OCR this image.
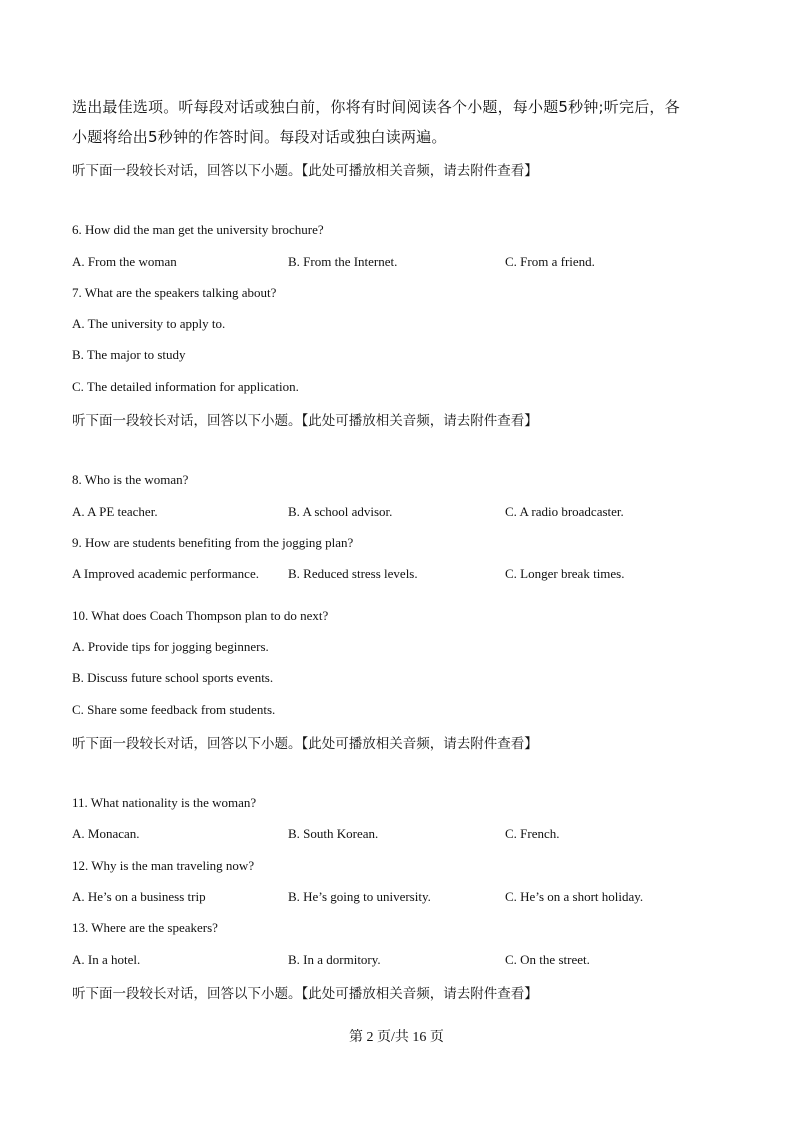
选出最佳选项。听每段对话或独白前，你将有时间阅读各个小题，每小题5秒钟;听完后，各
小题将给出5秒钟的作答时间。每段对话或独白读两遍。
听下面一段较长对话，回答以下小题。【此处可播放相关音频，请去附件查看】
6. How did the man get the university brochure?
A. From the woman	B. From the Internet.	C. From a friend.
7. What are the speakers talking about?
A. The university to apply to.
B. The major to study
C. The detailed information for application.
听下面一段较长对话，回答以下小题。【此处可播放相关音频，请去附件查看】
8. Who is the woman?
A. A PE teacher.	B. A school advisor.	C. A radio broadcaster.
9. How are students benefiting from the jogging plan?
A Improved academic performance. B. Reduced stress levels.	C. Longer break times.
10. What does Coach Thompson plan to do next?
A. Provide tips for jogging beginners.
B. Discuss future school sports events.
C. Share some feedback from students.
听下面一段较长对话，回答以下小题。【此处可播放相关音频，请去附件查看】
11. What nationality is the woman?
A. Monacan.	B. South Korean.	C. French.
12. Why is the man traveling now?
A. He’s on a business trip	B. He’s going to university.	C. He’s on a short holiday.
13. Where are the speakers?
A. In a hotel.	B. In a dormitory.	C. On the street.
听下面一段较长对话，回答以下小题。【此处可播放相关音频，请去附件查看】
第 2 页/共 16 页
